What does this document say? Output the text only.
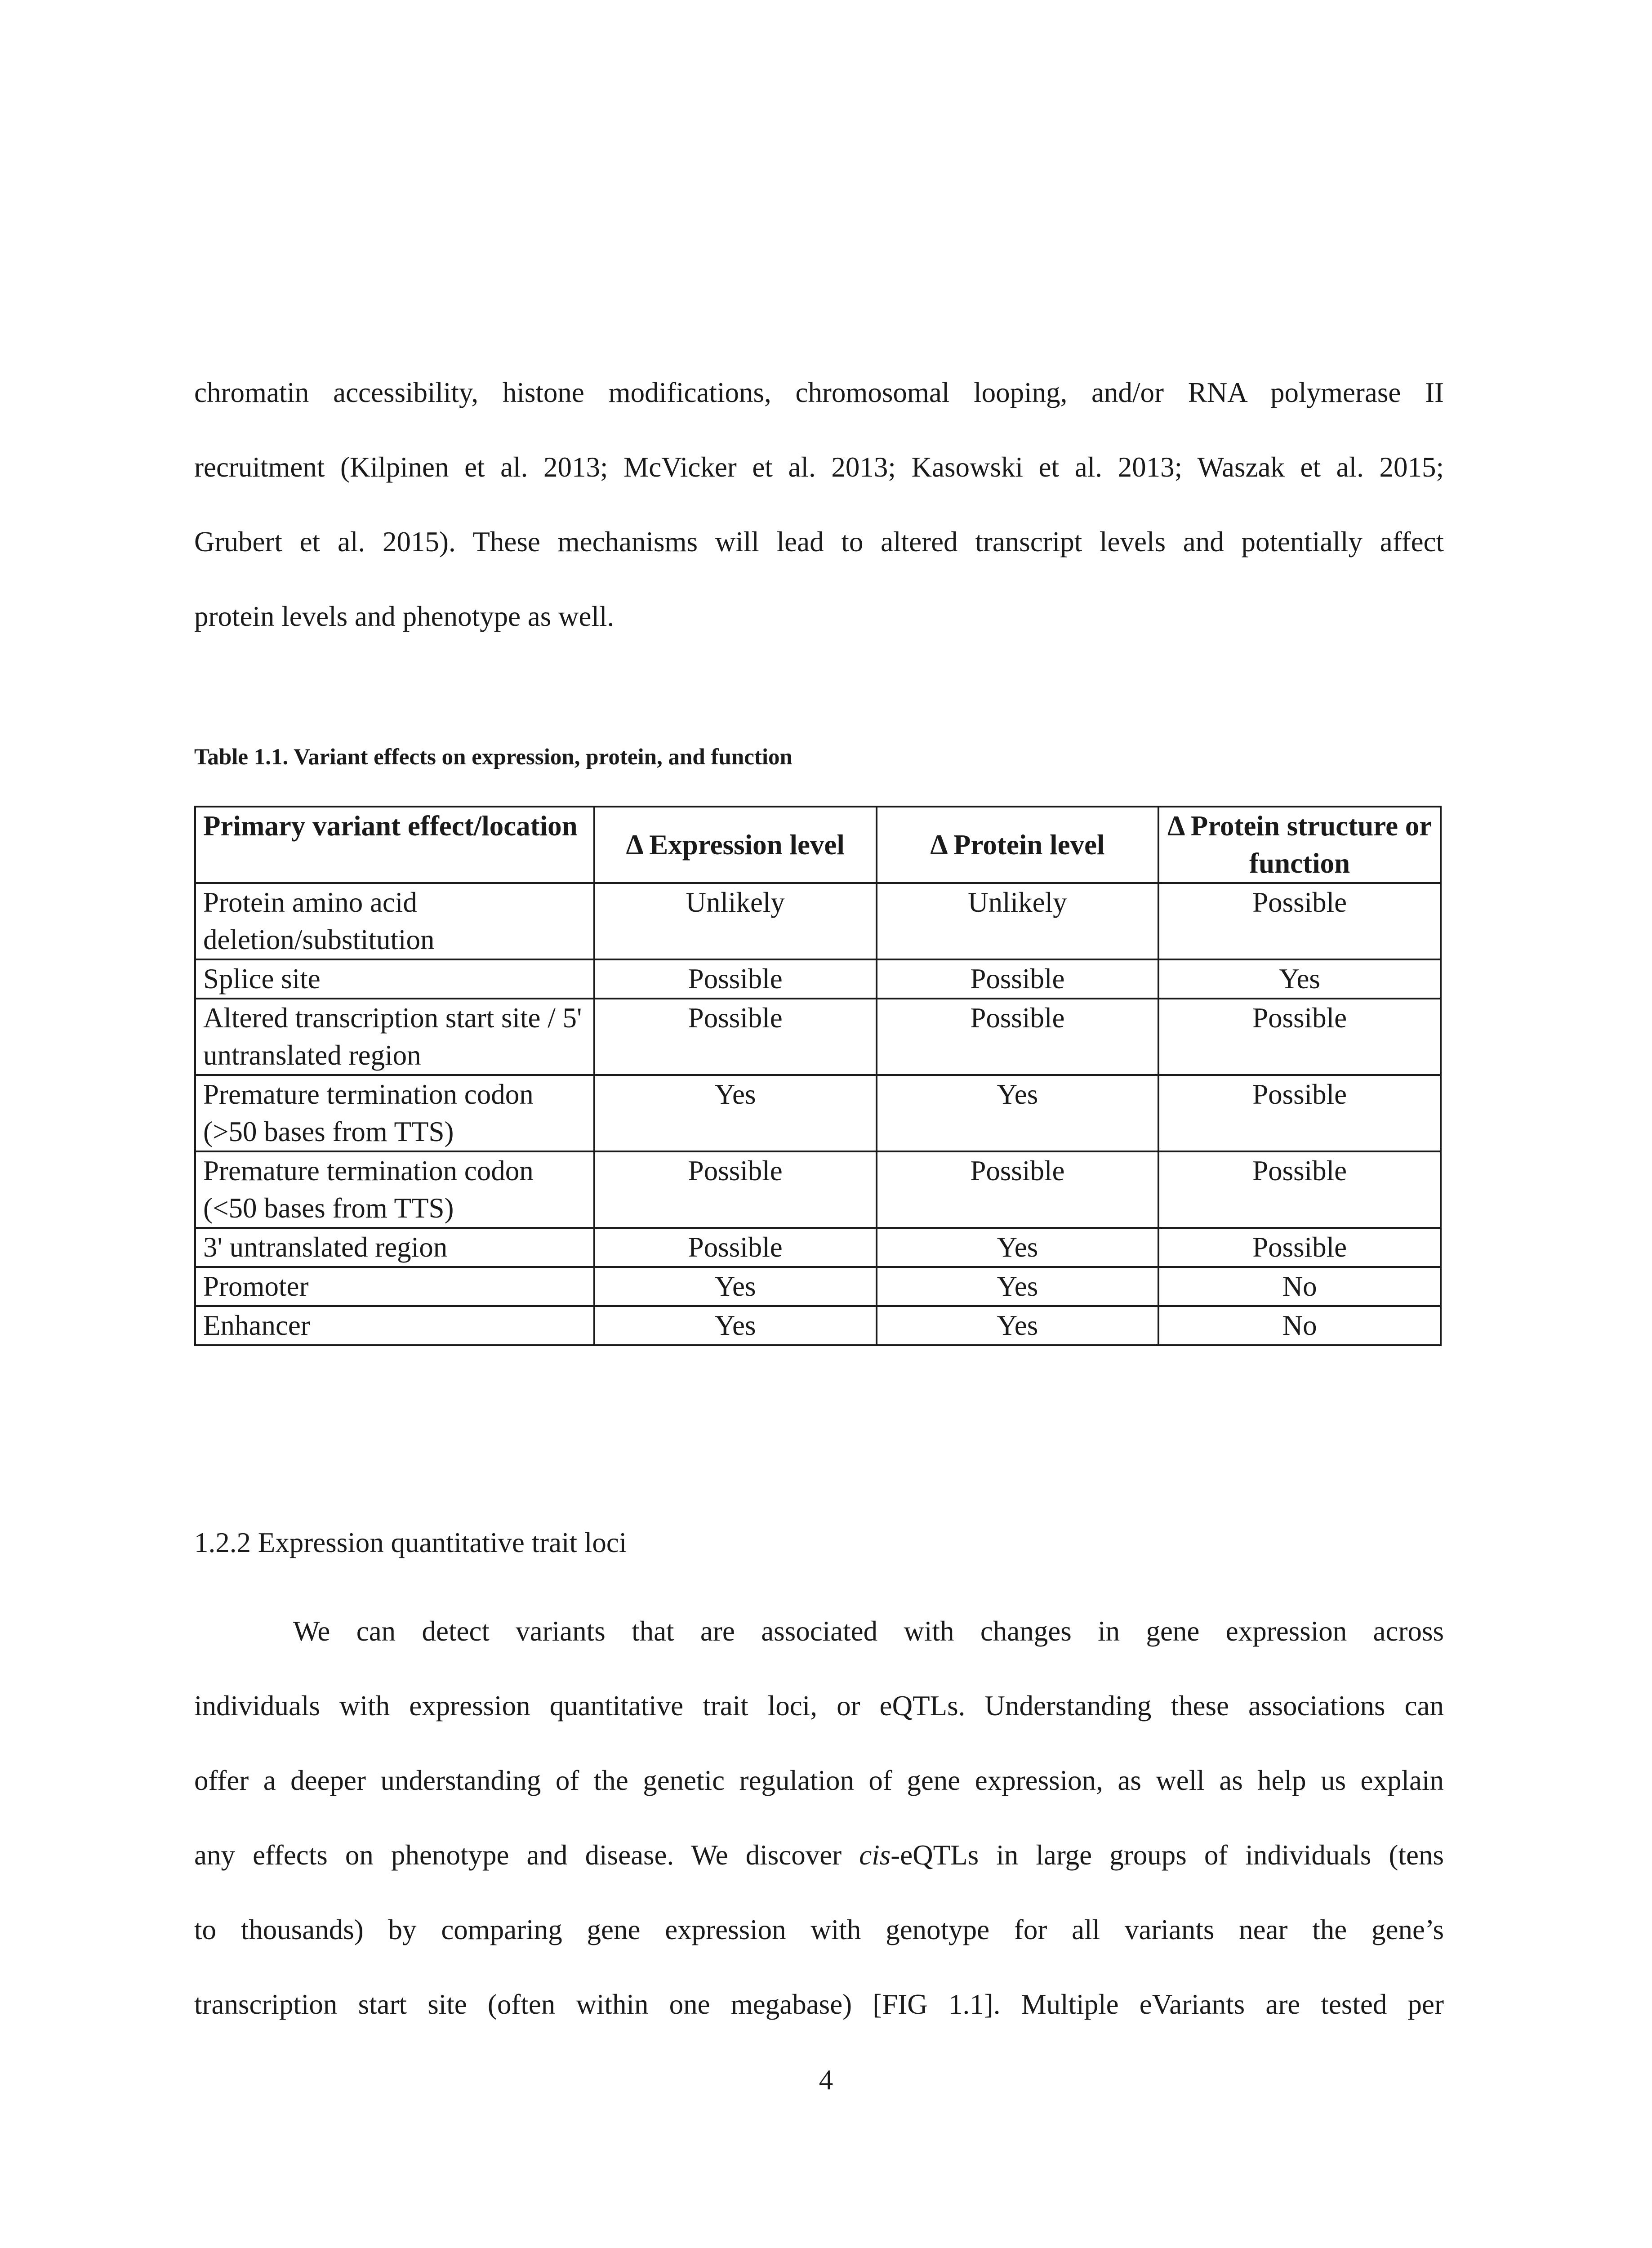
chromatin accessibility, histone modifications, chromosomal looping, and/or RNA polymerase II
recruitment (Kilpinen et al. 2013; McVicker et al. 2013; Kasowski et al. 2013; Waszak et al. 2015;
Grubert et al. 2015). These mechanisms will lead to altered transcript levels and potentially affect
protein levels and phenotype as well.

Table 1.1. Variant effects on expression, protein, and function

Primary variant effect/location	Δ Expression level	Δ Protein level	Δ Protein structure or function
Protein amino acid deletion/substitution	Unlikely	Unlikely	Possible
Splice site	Possible	Possible	Yes
Altered transcription start site / 5' untranslated region	Possible	Possible	Possible
Premature termination codon (>50 bases from TTS)	Yes	Yes	Possible
Premature termination codon (<50 bases from TTS)	Possible	Possible	Possible
3' untranslated region	Possible	Yes	Possible
Promoter	Yes	Yes	No
Enhancer	Yes	Yes	No
1.2.2 Expression quantitative trait loci

We can detect variants that are associated with changes in gene expression across
individuals with expression quantitative trait loci, or eQTLs. Understanding these associations can
offer a deeper understanding of the genetic regulation of gene expression, as well as help us explain
any effects on phenotype and disease. We discover cis-eQTLs in large groups of individuals (tens
to thousands) by comparing gene expression with genotype for all variants near the gene’s
transcription start site (often within one megabase) [FIG 1.1]. Multiple eVariants are tested per

4
